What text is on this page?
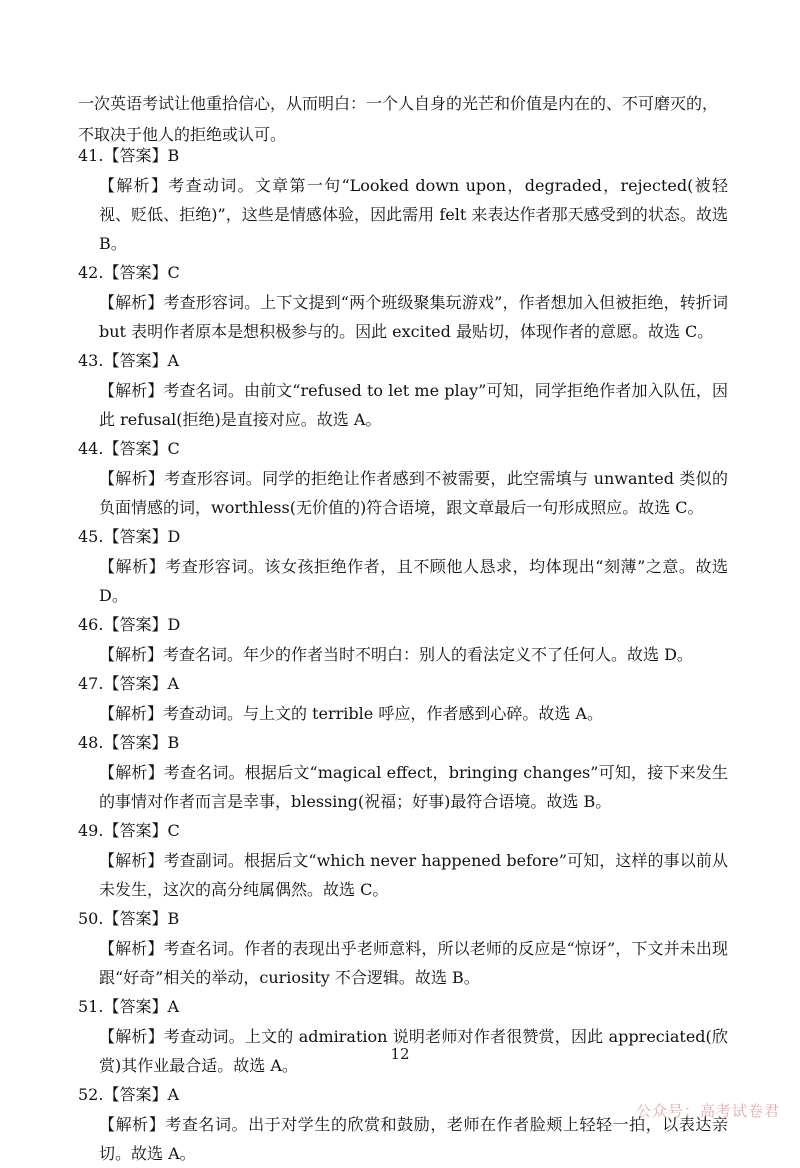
一次英语考试让他重拾信心，从而明白：一个人自身的光芒和价值是内在的、不可磨灭的，不取决于他人的拒绝或认可。
41.【答案】B
【解析】考查动词。文章第一句“Looked down upon，degraded，rejected(被轻视、贬低、拒绝)”，这些是情感体验，因此需用 felt 来表达作者那天感受到的状态。故选 B。
42.【答案】C
【解析】考查形容词。上下文提到“两个班级聚集玩游戏”，作者想加入但被拒绝，转折词 but 表明作者原本是想积极参与的。因此 excited 最贴切，体现作者的意愿。故选 C。
43.【答案】A
【解析】考查名词。由前文“refused to let me play”可知，同学拒绝作者加入队伍，因此 refusal(拒绝)是直接对应。故选 A。
44.【答案】C
【解析】考查形容词。同学的拒绝让作者感到不被需要，此空需填与 unwanted 类似的负面情感的词，worthless(无价值的)符合语境，跟文章最后一句形成照应。故选 C。
45.【答案】D
【解析】考查形容词。该女孩拒绝作者，且不顾他人恳求，均体现出“刻薄”之意。故选 D。
46.【答案】D
【解析】考查名词。年少的作者当时不明白：别人的看法定义不了任何人。故选 D。
47.【答案】A
【解析】考查动词。与上文的 terrible 呼应，作者感到心碎。故选 A。
48.【答案】B
【解析】考查名词。根据后文“magical effect，bringing changes”可知，接下来发生的事情对作者而言是幸事，blessing(祝福；好事)最符合语境。故选 B。
49.【答案】C
【解析】考查副词。根据后文“which never happened before”可知，这样的事以前从未发生，这次的高分纯属偶然。故选 C。
50.【答案】B
【解析】考查名词。作者的表现出乎老师意料，所以老师的反应是“惊讶”，下文并未出现跟“好奇”相关的举动，curiosity 不合逻辑。故选 B。
51.【答案】A
【解析】考查动词。上文的 admiration 说明老师对作者很赞赏，因此 appreciated(欣赏)其作业最合适。故选 A。
52.【答案】A
【解析】考查名词。出于对学生的欣赏和鼓励，老师在作者脸颊上轻轻一拍，以表达亲切。故选 A。
12
公众号：高考试卷君
